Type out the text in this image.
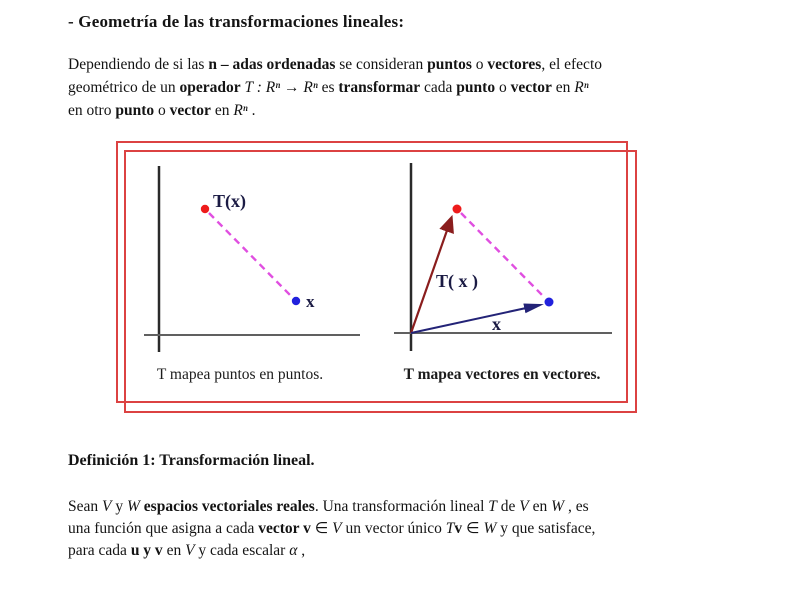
- Geometría de las transformaciones lineales:
Dependiendo de si las n – adas ordenadas se consideran puntos o vectores, el efecto
geométrico de un operador T : Rⁿ → Rⁿ es transformar cada punto o vector en Rⁿ
en otro punto o vector en Rⁿ .
T(x)
x
T mapea puntos en puntos.
T( x )
x
T mapea vectores en vectores.
Definición 1: Transformación lineal.
Sean V y W espacios vectoriales reales. Una transformación lineal T de V en W , es
una función que asigna a cada vector v ∈ V un vector único Tv ∈ W y que satisface,
para cada u y v en V y cada escalar α ,
